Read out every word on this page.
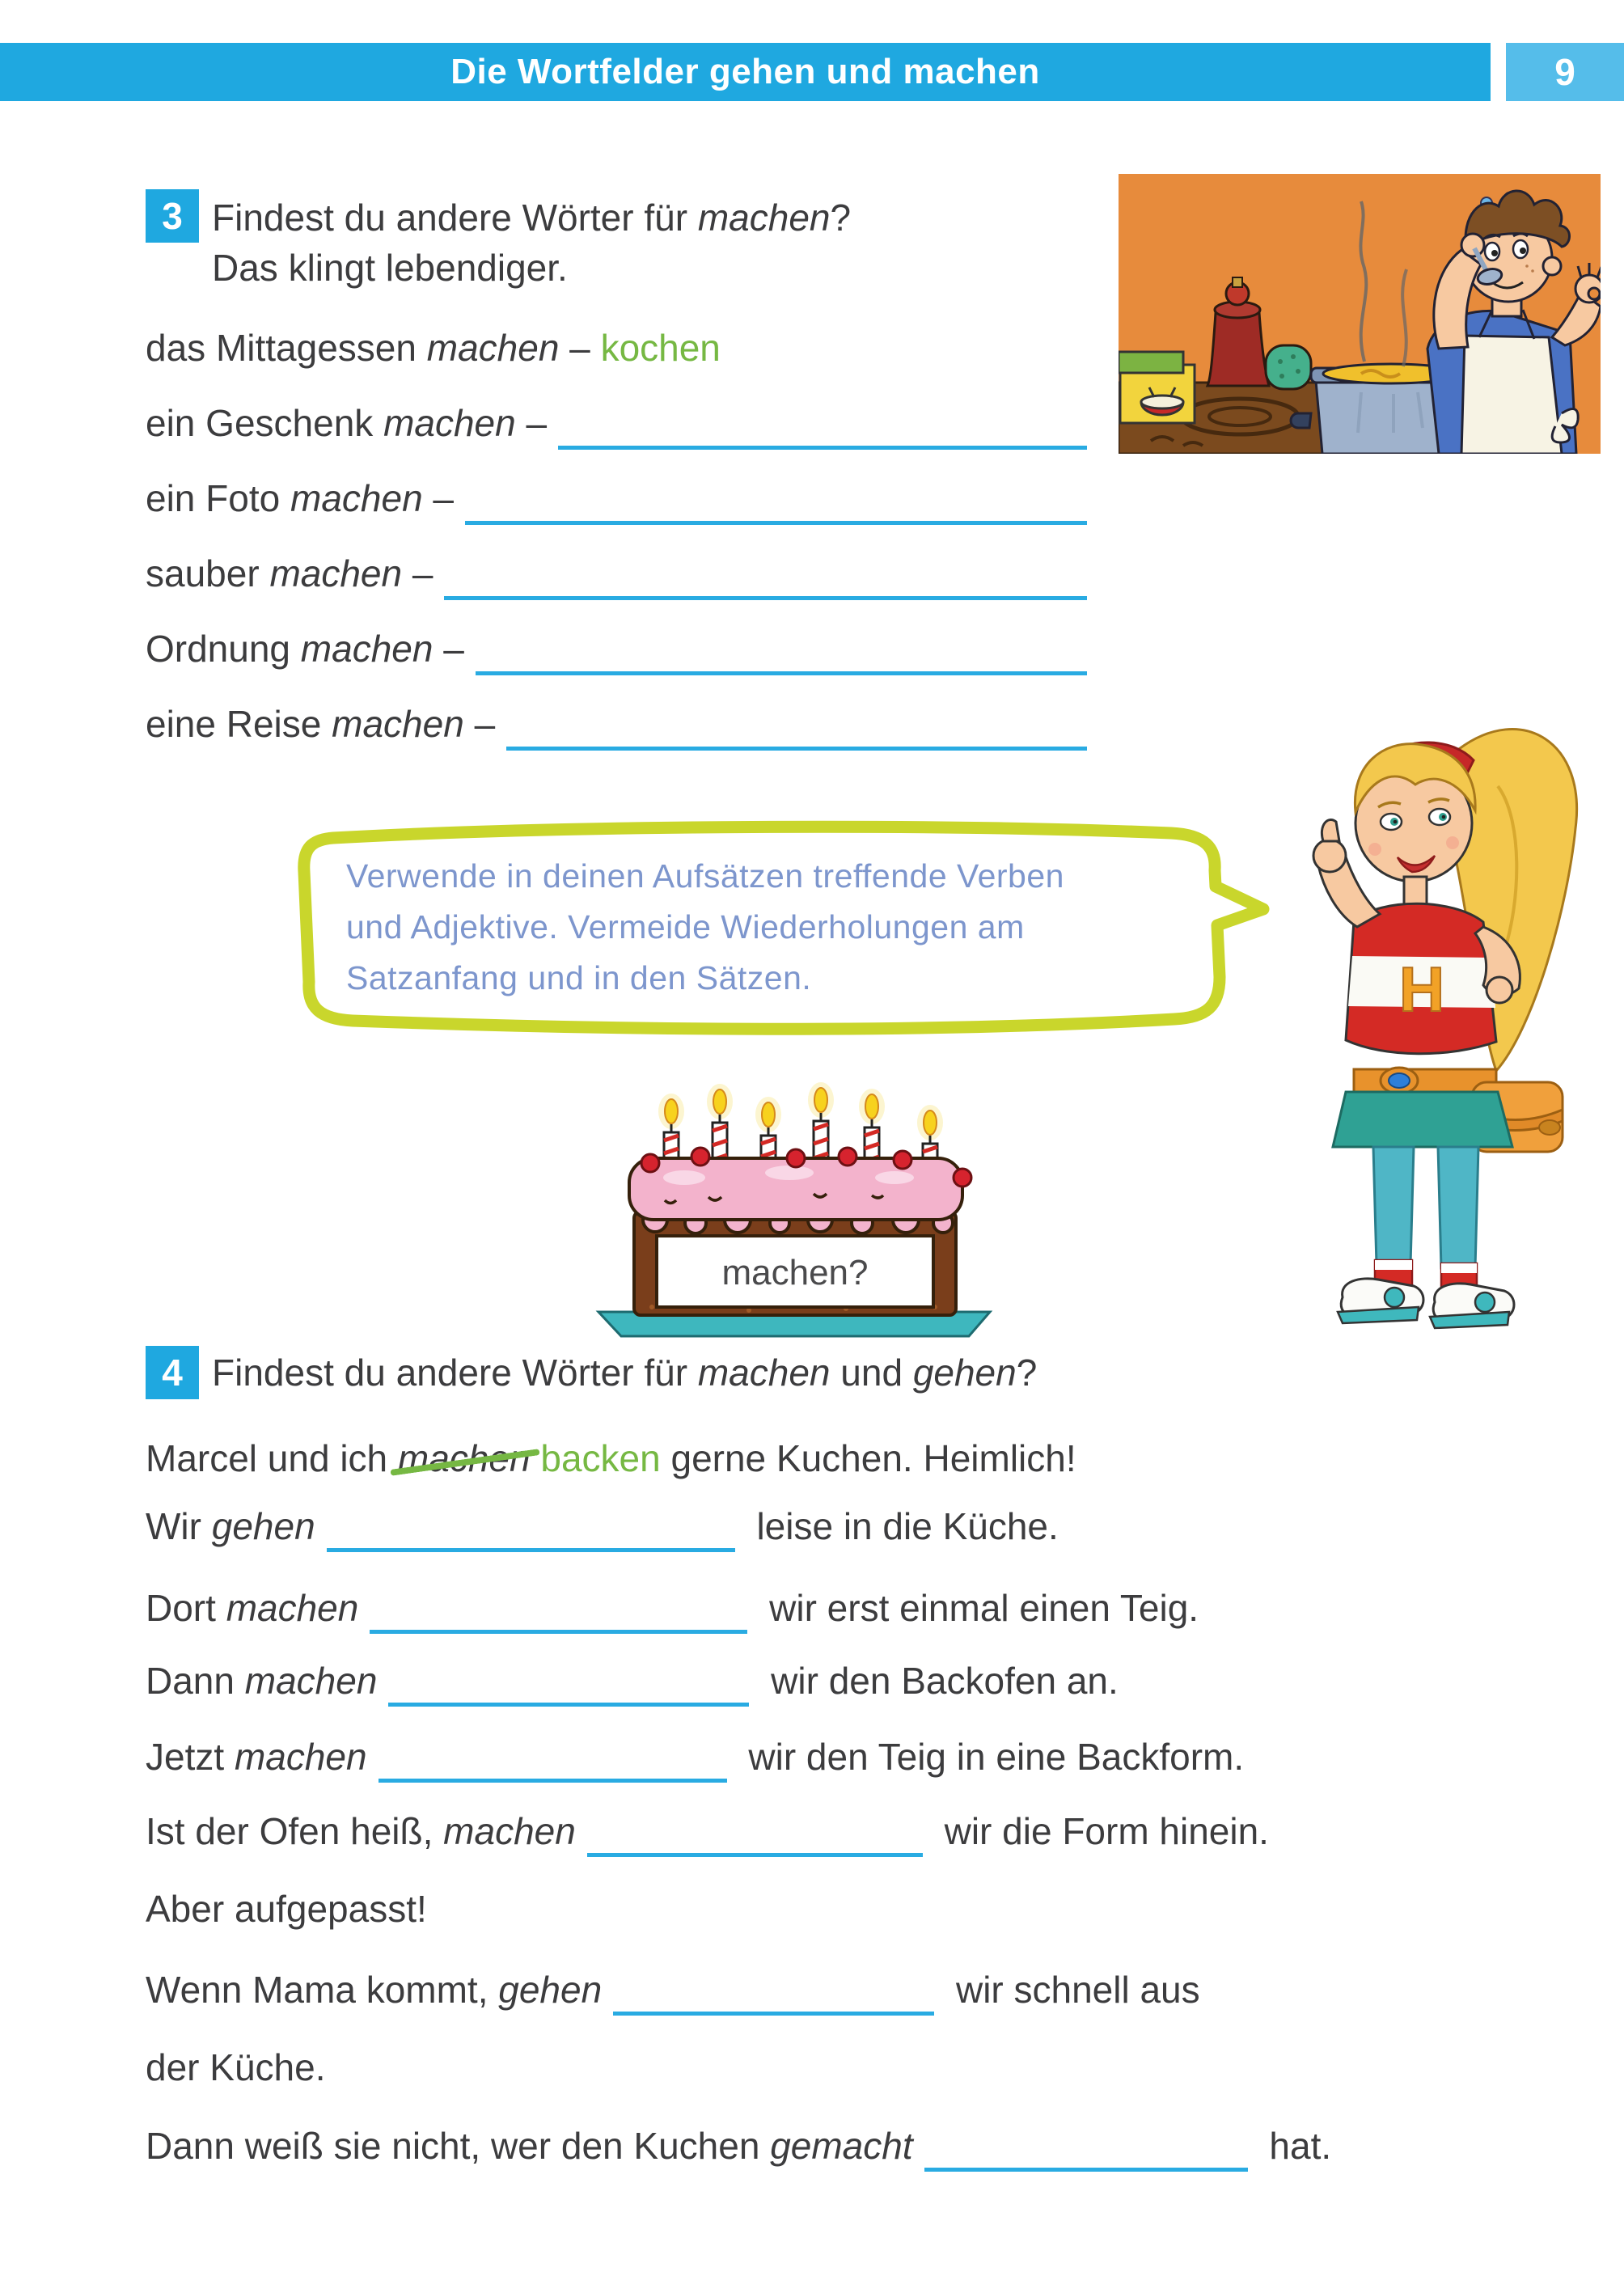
Die Wortfelder gehen und machen	9
3 Findest du andere Wörter für machen?
Das klingt lebendiger.
das Mittagessen machen – kochen
ein Geschenk machen –
ein Foto machen –
sauber machen –
Ordnung machen –
eine Reise machen –
Verwende in deinen Aufsätzen treffende Verben
und Adjektive. Vermeide Wiederholungen am
Satzanfang und in den Sätzen.	H
machen?
4 Findest du andere Wörter für machen und gehen?
Marcel und ich machen backen gerne Kuchen. Heimlich!
Wir gehen	leise in die Küche.
Dort machen	wir erst einmal einen Teig.
Dann machen	wir den Backofen an.
Jetzt machen	wir den Teig in eine Backform.
Ist der Ofen heiß, machen	wir die Form hinein.
Aber aufgepasst!
Wenn Mama kommt, gehen	wir schnell aus
der Küche.
Dann weiß sie nicht, wer den Kuchen gemacht	hat.
